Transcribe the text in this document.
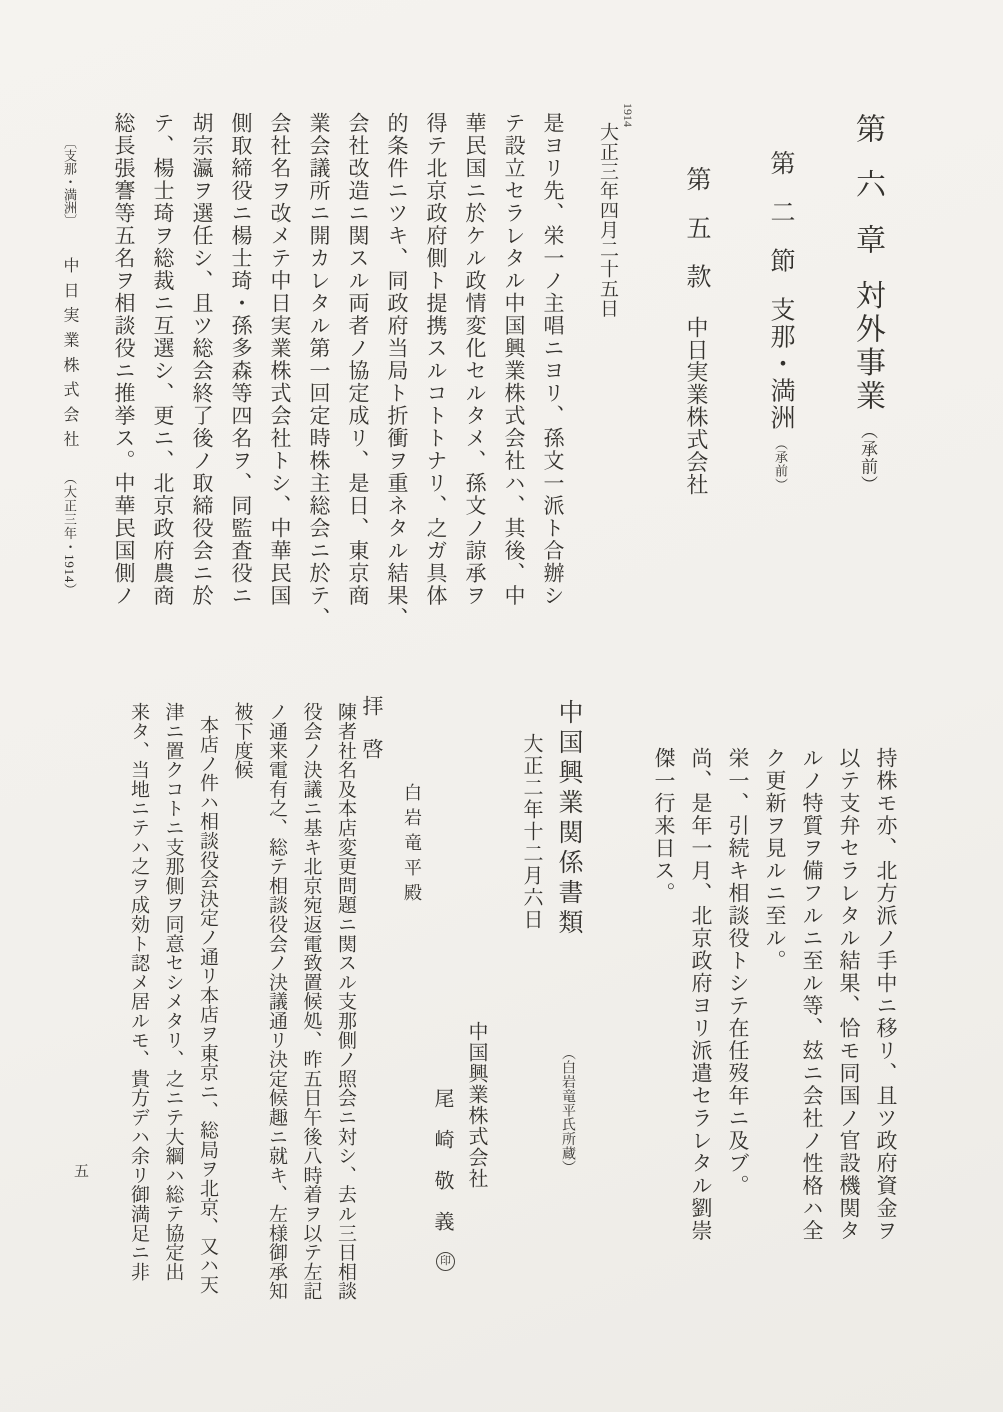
〔支那・満洲〕中日実業株式会社（大正三年・1914）
第六章対外事業（承前）
第二節支那・満洲（承前）
第五款中日実業株式会社
1914
大正三年四月二十五日
是ヨリ先、栄一ノ主唱ニヨリ、孫文一派ト合辦シ
テ設立セラレタル中国興業株式会社ハ、其後、中
華民国ニ於ケル政情変化セルタメ、孫文ノ諒承ヲ
得テ北京政府側ト提携スルコトトナリ、之ガ具体
的条件ニツキ、同政府当局ト折衝ヲ重ネタル結果、
会社改造ニ関スル両者ノ協定成リ、是日、東京商
業会議所ニ開カレタル第一回定時株主総会ニ於テ、
会社名ヲ改メテ中日実業株式会社トシ、中華民国
側取締役ニ楊士琦・孫多森等四名ヲ、同監査役ニ
胡宗瀛ヲ選任シ、且ツ総会終了後ノ取締役会ニ於
テ、楊士琦ヲ総裁ニ互選シ、更ニ、北京政府農商
総長張謇等五名ヲ相談役ニ推挙ス。中華民国側ノ
持株モ亦、北方派ノ手中ニ移リ、且ツ政府資金ヲ
以テ支弁セラレタル結果、恰モ同国ノ官設機関タ
ルノ特質ヲ備フルニ至ル等、玆ニ会社ノ性格ハ全
ク更新ヲ見ルニ至ル。
栄一、引続キ相談役トシテ在任歿年ニ及ブ。
尚、是年一月、北京政府ヨリ派遣セラレタル劉崇
傑一行来日ス。
中国興業関係書類
（白岩竜平氏所蔵）
大正二年十二月六日
中国興業株式会社
尾崎敬義印
白岩竜平殿
拝啓
陳者社名及本店変更問題ニ関スル支那側ノ照会ニ対シ、去ル三日相談
役会ノ決議ニ基キ北京宛返電致置候処、昨五日午後八時着ヲ以テ左記
ノ通来電有之、総テ相談役会ノ決議通リ決定候趣ニ就キ、左様御承知
被下度候
本店ノ件ハ相談役会決定ノ通リ本店ヲ東京ニ、総局ヲ北京、又ハ天
津ニ置クコトニ支那側ヲ同意セシメタリ、之ニテ大綱ハ総テ協定出
来タ、当地ニテハ之ヲ成効ト認メ居ルモ、貴方デハ余リ御満足ニ非
五
